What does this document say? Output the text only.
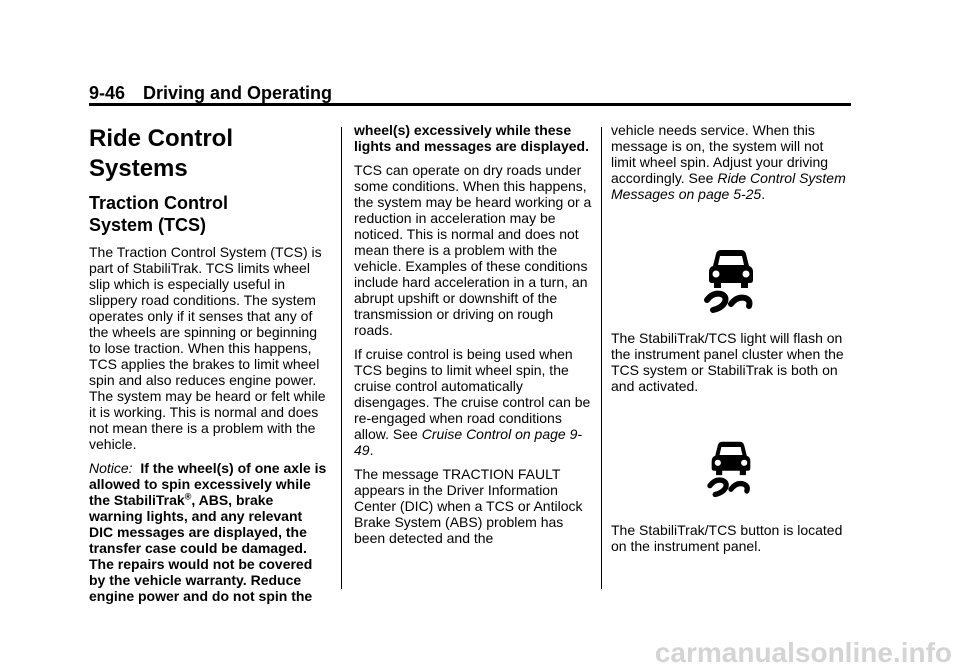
9-46 Driving and Operating
Ride Control Systems
Traction Control
System (TCS)

The Traction Control System (TCS) is part of StabiliTrak. TCS limits wheel slip which is especially useful in slippery road conditions. The system operates only if it senses that any of the wheels are spinning or beginning to lose traction. When this happens, TCS applies the brakes to limit wheel spin and also reduces engine power. The system may be heard or felt while it is working. This is normal and does not mean there is a problem with the vehicle.

Notice:  If the wheel(s) of one axle is allowed to spin excessively while the StabiliTrak®, ABS, brake warning lights, and any relevant DIC messages are displayed, the transfer case could be damaged. The repairs would not be covered by the vehicle warranty. Reduce engine power and do not spin the

wheel(s) excessively while these lights and messages are displayed.

TCS can operate on dry roads under some conditions. When this happens, the system may be heard working or a reduction in acceleration may be noticed. This is normal and does not mean there is a problem with the vehicle. Examples of these conditions include hard acceleration in a turn, an abrupt upshift or downshift of the transmission or driving on rough roads.

If cruise control is being used when TCS begins to limit wheel spin, the cruise control automatically disengages. The cruise control can be re-engaged when road conditions allow. See Cruise Control on page 9-49.

The message TRACTION FAULT appears in the Driver Information Center (DIC) when a TCS or Antilock Brake System (ABS) problem has been detected and the

vehicle needs service. When this message is on, the system will not limit wheel spin. Adjust your driving accordingly. See Ride Control System Messages on page 5-25.

The StabiliTrak/TCS light will flash on the instrument panel cluster when the TCS system or StabiliTrak is both on and activated.

The StabiliTrak/TCS button is located on the instrument panel.

carmanualsonline.info
